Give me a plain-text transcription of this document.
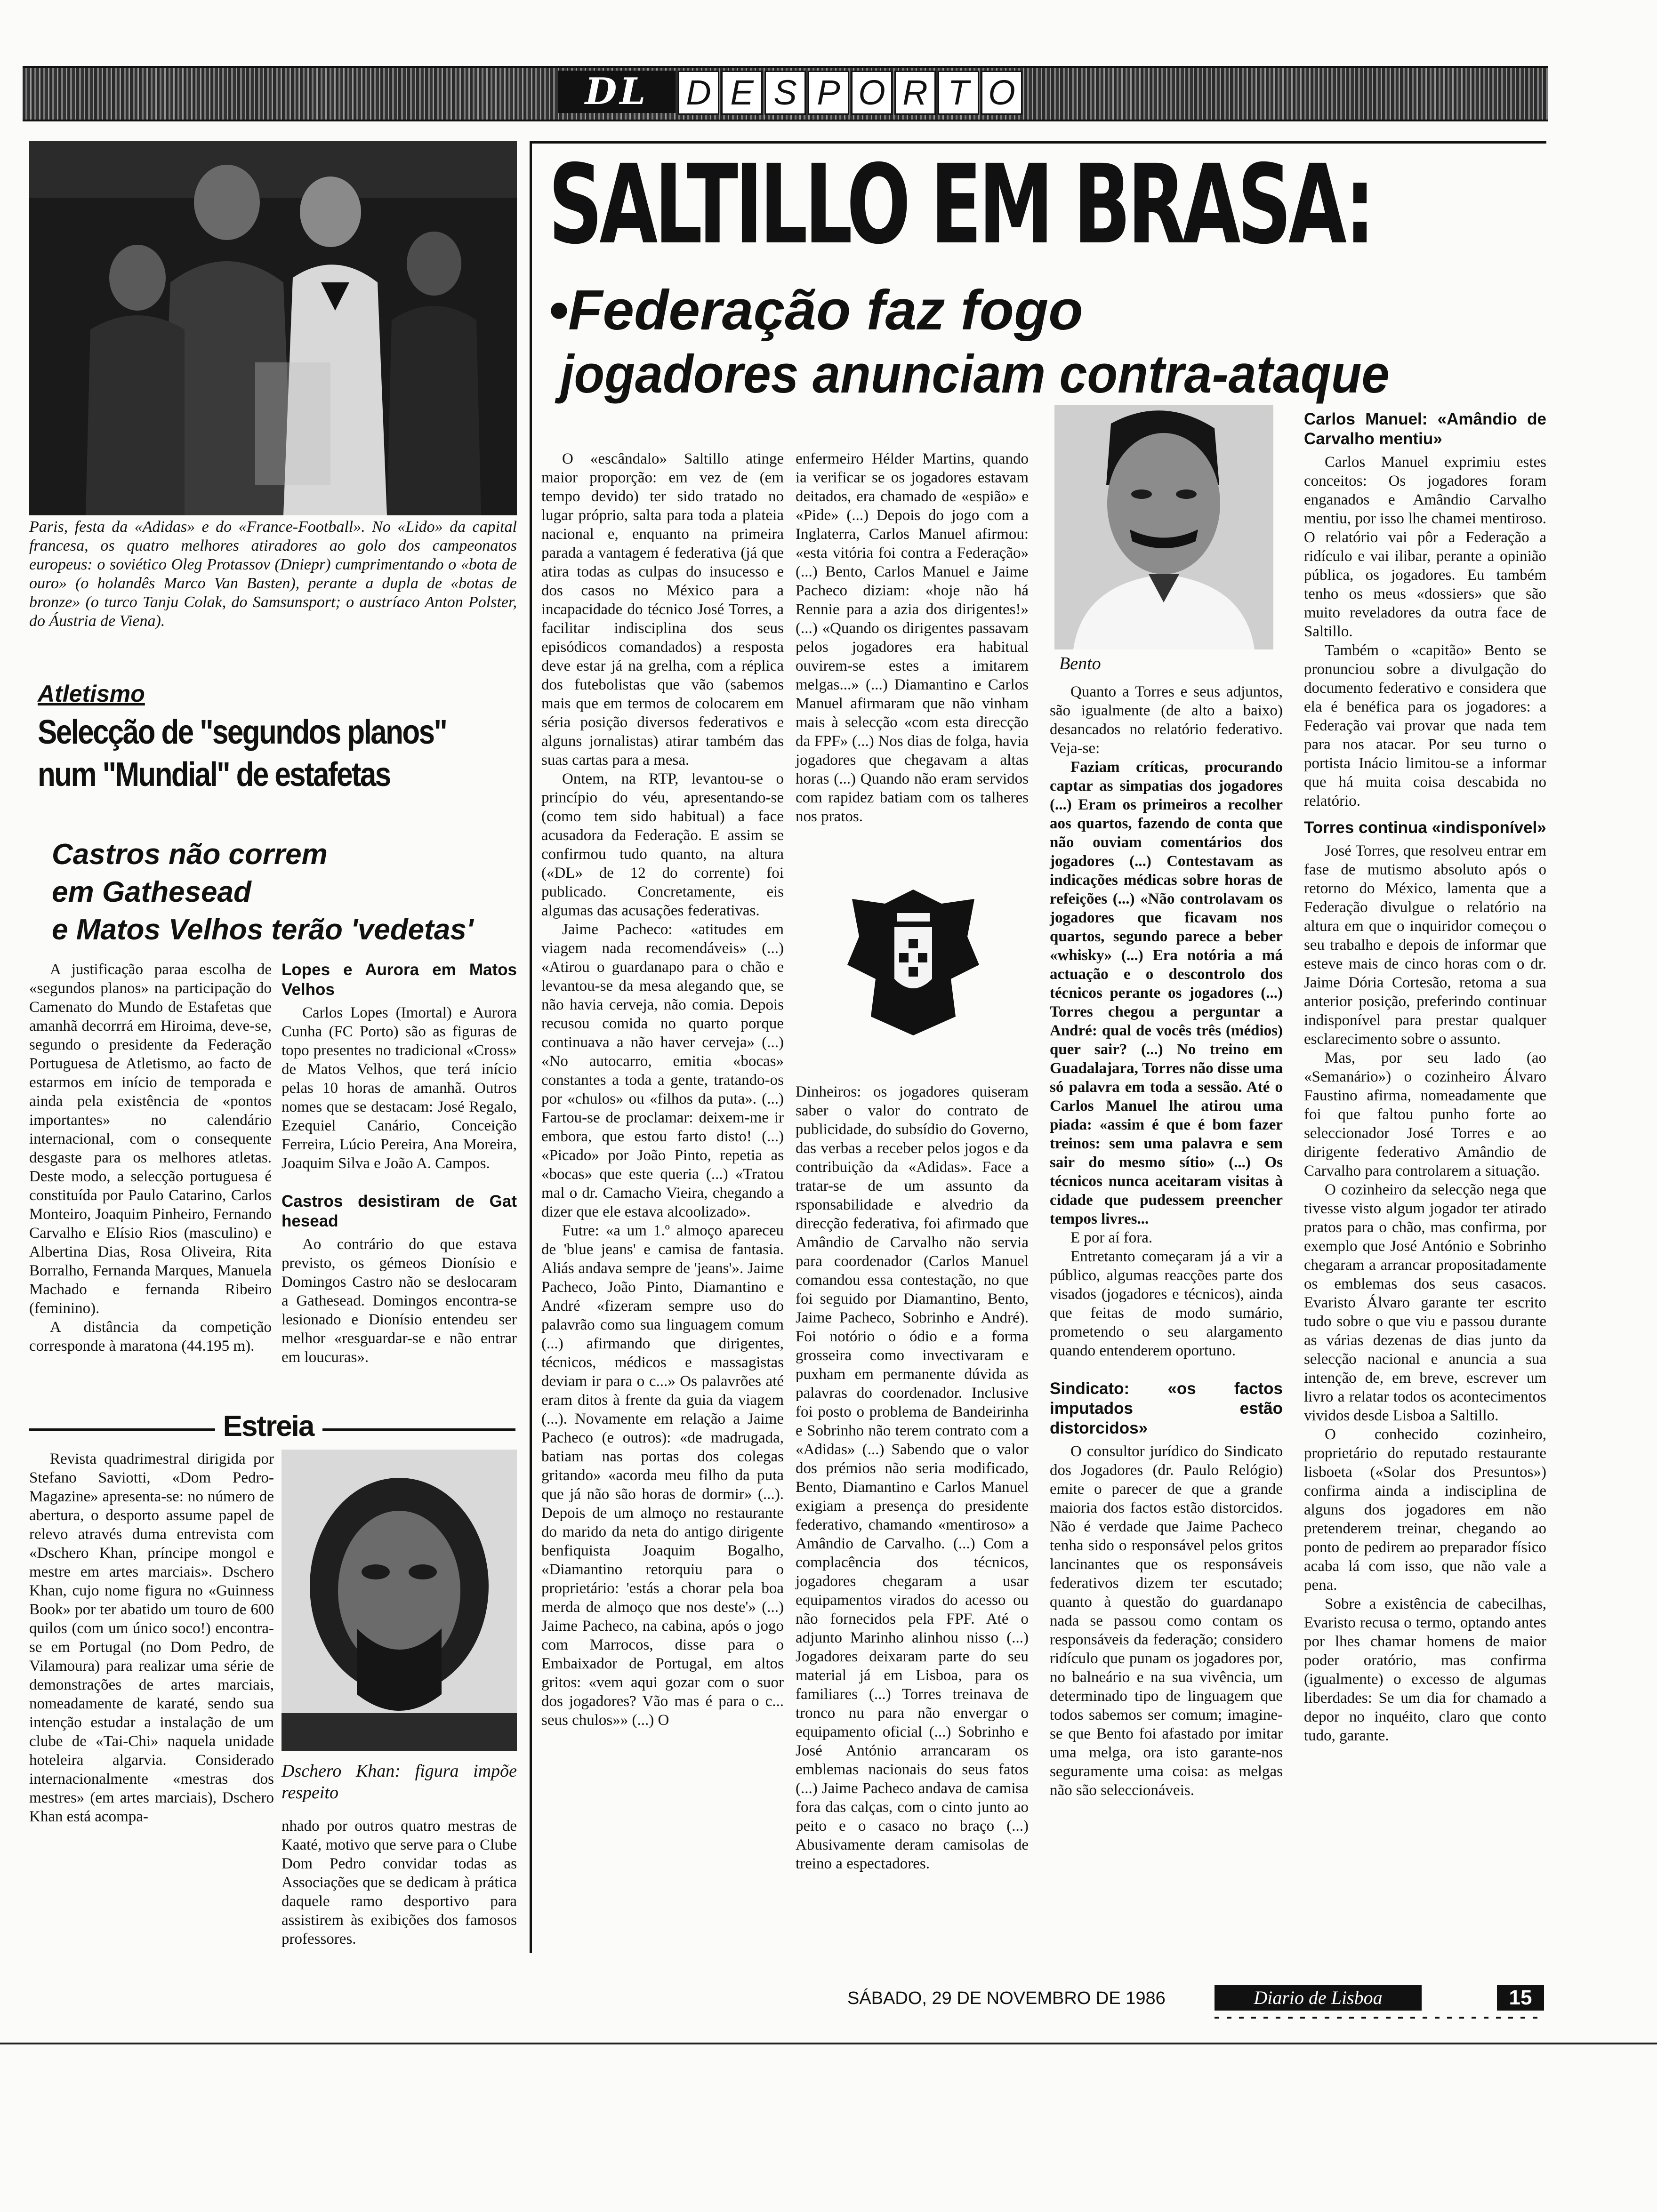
DL	D E S P O R T O
Paris, festa da «Adidas» e do «France-Football». No «Lido» da capital francesa, os quatro melhores atiradores ao golo dos campeonatos europeus: o soviético Oleg Protassov (Dniepr) cumprimentando o «bota de ouro» (o holandês Marco Van Basten), perante a dupla de «botas de bronze» (o turco Tanju Colak, do Samsunsport; o austríaco Anton Polster, do Áustria de Viena).
Atletismo
Selecção de "segundos planos"
num "Mundial" de estafetas
Castros não correm
em Gathesead
e Matos Velhos terão 'vedetas'

A justificação paraa escolha de «segundos planos» na participação do Camenato do Mundo de Estafetas que amanhã decorrrá em Hiroima, deve-se, segundo o presidente da Federação Portuguesa de Atletismo, ao facto de estarmos em início de temporada e ainda pela existência de «pontos importantes» no calendário internacional, com o consequente desgaste para os melhores atletas. Deste modo, a selecção portuguesa é constituída por Paulo Catarino, Carlos Monteiro, Joaquim Pinheiro, Fernando Carvalho e Elísio Rios (masculino) e Albertina Dias, Rosa Oliveira, Rita Borralho, Fernanda Marques, Manuela Machado e fernanda Ribeiro (feminino).

A distância da competição corresponde à maratona (44.195 m).

Lopes e Aurora em Matos Velhos

Carlos Lopes (Imortal) e Aurora Cunha (FC Porto) são as figuras de topo presentes no tradicional «Cross» de Matos Velhos, que terá início pelas 10 horas de amanhã. Outros nomes que se destacam: José Regalo, Ezequiel Canário, Conceição Ferreira, Lúcio Pereira, Ana Moreira, Joaquim Silva e João A. Campos.

Castros desistiram de Gat hesead

Ao contrário do que estava previsto, os gémeos Dionísio e Domingos Castro não se deslocaram a Gathesead. Domingos encontra-se lesionado e Dionísio entendeu ser melhor «resguardar-se e não entrar em loucuras».

Estreia

Revista quadrimestral dirigida por Stefano Saviotti, «Dom Pedro-Magazine» apresenta-se: no número de abertura, o desporto assume papel de relevo através duma entrevista com «Dschero Khan, príncipe mongol e mestre em artes marciais». Dschero Khan, cujo nome figura no «Guinness Book» por ter abatido um touro de 600 quilos (com um único soco!) encontra-se em Portugal (no Dom Pedro, de Vilamoura) para realizar uma série de demonstrações de artes marciais, nomeadamente de karaté, sendo sua intenção estudar a instalação de um clube de «Tai-Chi» naquela unidade hoteleira algarvia. Considerado internacionalmente «mestras dos mestres» (em artes marciais), Dschero Khan está acompa-

Dschero Khan: figura impõe respeito

nhado por outros quatro mestras de Kaaté, motivo que serve para o Clube Dom Pedro convidar todas as Associações que se dedicam à prática daquele ramo desportivo para assistirem às exibições dos famosos professores.

SALTILLO EM BRASA:
•Federação faz fogo
jogadores anunciam contra-ataque

O «escândalo» Saltillo atinge maior proporção: em vez de (em tempo devido) ter sido tratado no lugar próprio, salta para toda a plateia nacional e, enquanto na primeira parada a vantagem é federativa (já que atira todas as culpas do insucesso e dos casos no México para a incapacidade do técnico José Torres, a facilitar indisciplina dos seus episódicos comandados) a resposta deve estar já na grelha, com a réplica dos futebolistas que vão (sabemos mais que em termos de colocarem em séria posição diversos federativos e alguns jornalistas) atirar também das suas cartas para a mesa.

Ontem, na RTP, levantou-se o princípio do véu, apresentando-se (como tem sido habitual) a face acusadora da Federação. E assim se confirmou tudo quanto, na altura («DL» de 12 do corrente) foi publicado. Concretamente, eis algumas das acusações federativas.

Jaime Pacheco: «atitudes em viagem nada recomendáveis» (...) «Atirou o guardanapo para o chão e levantou-se da mesa alegando que, se não havia cerveja, não comia. Depois recusou comida no quarto porque continuava a não haver cerveja» (...) «No autocarro, emitia «bocas» constantes a toda a gente, tratando-os por «chulos» ou «filhos da puta». (...) Fartou-se de proclamar: deixem-me ir embora, que estou farto disto! (...) «Picado» por João Pinto, repetia as «bocas» que este queria (...) «Tratou mal o dr. Camacho Vieira, chegando a dizer que ele estava alcoolizado».

Futre: «a um 1.º almoço apareceu de 'blue jeans' e camisa de fantasia. Aliás andava sempre de 'jeans'». Jaime Pacheco, João Pinto, Diamantino e André «fizeram sempre uso do palavrão como sua linguagem comum (...) afirmando que dirigentes, técnicos, médicos e massagistas deviam ir para o c...» Os palavrões até eram ditos à frente da guia da viagem (...). Novamente em relação a Jaime Pacheco (e outros): «de madrugada, batiam nas portas dos colegas gritando» «acorda meu filho da puta que já não são horas de dormir» (...). Depois de um almoço no restaurante do marido da neta do antigo dirigente benfiquista Joaquim Bogalho, «Diamantino retorquiu para o proprietário: 'estás a chorar pela boa merda de almoço que nos deste'» (...) Jaime Pacheco, na cabina, após o jogo com Marrocos, disse para o Embaixador de Portugal, em altos gritos: «vem aqui gozar com o suor dos jogadores? Vão mas é para o c... seus chulos»» (...) O

enfermeiro Hélder Martins, quando ia verificar se os jogadores estavam deitados, era chamado de «espião» e «Pide» (...) Depois do jogo com a Inglaterra, Carlos Manuel afirmou: «esta vitória foi contra a Federação» (...) Bento, Carlos Manuel e Jaime Pacheco diziam: «hoje não há Rennie para a azia dos dirigentes!» (...) «Quando os dirigentes passavam pelos jogadores era habitual ouvirem-se estes a imitarem melgas...» (...) Diamantino e Carlos Manuel afirmaram que não vinham mais à selecção «com esta direcção da FPF» (...) Nos dias de folga, havia jogadores que chegavam a altas horas (...) Quando não eram servidos com rapidez batiam com os talheres nos pratos.

Dinheiros: os jogadores quiseram saber o valor do contrato de publicidade, do subsídio do Governo, das verbas a receber pelos jogos e da contribuição da «Adidas». Face a tratar-se de um assunto da rsponsabilidade e alvedrio da direcção federativa, foi afirmado que Amândio de Carvalho não servia para coordenador (Carlos Manuel comandou essa contestação, no que foi seguido por Diamantino, Bento, Jaime Pacheco, Sobrinho e André). Foi notório o ódio e a forma grosseira como invectivaram e puxham em permanente dúvida as palavras do coordenador. Inclusive foi posto o problema de Bandeirinha e Sobrinho não terem contrato com a «Adidas» (...) Sabendo que o valor dos prémios não seria modificado, Bento, Diamantino e Carlos Manuel exigiam a presença do presidente federativo, chamando «mentiroso» a Amândio de Carvalho. (...) Com a complacência dos técnicos, jogadores chegaram a usar equipamentos virados do acesso ou não fornecidos pela FPF. Até o adjunto Marinho alinhou nisso (...) Jogadores deixaram parte do seu material já em Lisboa, para os familiares (...) Torres treinava de tronco nu para não envergar o equipamento oficial (...) Sobrinho e José António arrancaram os emblemas nacionais do seus fatos (...) Jaime Pacheco andava de camisa fora das calças, com o cinto junto ao peito e o casaco no braço (...) Abusivamente deram camisolas de treino a espectadores.

Bento

Quanto a Torres e seus adjuntos, são igualmente (de alto a baixo) desancados no relatório federativo. Veja-se:

Faziam críticas, procurando captar as simpatias dos jogadores (...) Eram os primeiros a recolher aos quartos, fazendo de conta que não ouviam comentários dos jogadores (...) Contestavam as indicações médicas sobre horas de refeições (...) «Não controlavam os jogadores que ficavam nos quartos, segundo parece a beber «whisky» (...) Era notória a má actuação e o descontrolo dos técnicos perante os jogadores (...) Torres chegou a perguntar a André: qual de vocês três (médios) quer sair? (...) No treino em Guadalajara, Torres não disse uma só palavra em toda a sessão. Até o Carlos Manuel lhe atirou uma piada: «assim é que é bom fazer treinos: sem uma palavra e sem sair do mesmo sítio» (...) Os técnicos nunca aceitaram visitas à cidade que pudessem preencher tempos livres...

E por aí fora.

Entretanto começaram já a vir a público, algumas reacções parte dos visados (jogadores e técnicos), ainda que feitas de modo sumário, prometendo o seu alargamento quando entenderem oportuno.

Sindicato: «os factos imputados estão distorcidos»

O consultor jurídico do Sindicato dos Jogadores (dr. Paulo Relógio) emite o parecer de que a grande maioria dos factos estão distorcidos. Não é verdade que Jaime Pacheco tenha sido o responsável pelos gritos lancinantes que os responsáveis federativos dizem ter escutado; quanto à questão do guardanapo nada se passou como contam os responsáveis da federação; considero ridículo que punam os jogadores por, no balneário e na sua vivência, um determinado tipo de linguagem que todos sabemos ser comum; imagine-se que Bento foi afastado por imitar uma melga, ora isto garante-nos seguramente uma coisa: as melgas não são seleccionáveis.

Carlos Manuel: «Amândio de Carvalho mentiu»

Carlos Manuel exprimiu estes conceitos: Os jogadores foram enganados e Amândio Carvalho mentiu, por isso lhe chamei mentiroso. O relatório vai pôr a Federação a ridículo e vai ilibar, perante a opinião pública, os jogadores. Eu também tenho os meus «dossiers» que são muito reveladores da outra face de Saltillo.

Também o «capitão» Bento se pronunciou sobre a divulgação do documento federativo e considera que ela é benéfica para os jogadores: a Federação vai provar que nada tem para nos atacar. Por seu turno o portista Inácio limitou-se a informar que há muita coisa descabida no relatório.

Torres continua «indisponível»

José Torres, que resolveu entrar em fase de mutismo absoluto após o retorno do México, lamenta que a Federação divulgue o relatório na altura em que o inquiridor começou o seu trabalho e depois de informar que esteve mais de cinco horas com o dr. Jaime Dória Cortesão, retoma a sua anterior posição, preferindo continuar indisponível para prestar qualquer esclarecimento sobre o assunto.

Mas, por seu lado (ao «Semanário») o cozinheiro Álvaro Faustino afirma, nomeadamente que foi que faltou punho forte ao seleccionador José Torres e ao dirigente federativo Amândio de Carvalho para controlarem a situação.

O cozinheiro da selecção nega que tivesse visto algum jogador ter atirado pratos para o chão, mas confirma, por exemplo que José António e Sobrinho chegaram a arrancar propositadamente os emblemas dos seus casacos. Evaristo Álvaro garante ter escrito tudo sobre o que viu e passou durante as várias dezenas de dias junto da selecção nacional e anuncia a sua intenção de, em breve, escrever um livro a relatar todos os acontecimentos vividos desde Lisboa a Saltillo.

O conhecido cozinheiro, proprietário do reputado restaurante lisboeta («Solar dos Presuntos») confirma ainda a indisciplina de alguns dos jogadores em não pretenderem treinar, chegando ao ponto de pedirem ao preparador físico acaba lá com isso, que não vale a pena.

Sobre a existência de cabecilhas, Evaristo recusa o termo, optando antes por lhes chamar homens de maior poder oratório, mas confirma (igualmente) o excesso de algumas liberdades: Se um dia for chamado a depor no inquéito, claro que conto tudo, garante.

SÁBADO, 29 DE NOVEMBRO DE 1986	Diario de Lisboa	15
